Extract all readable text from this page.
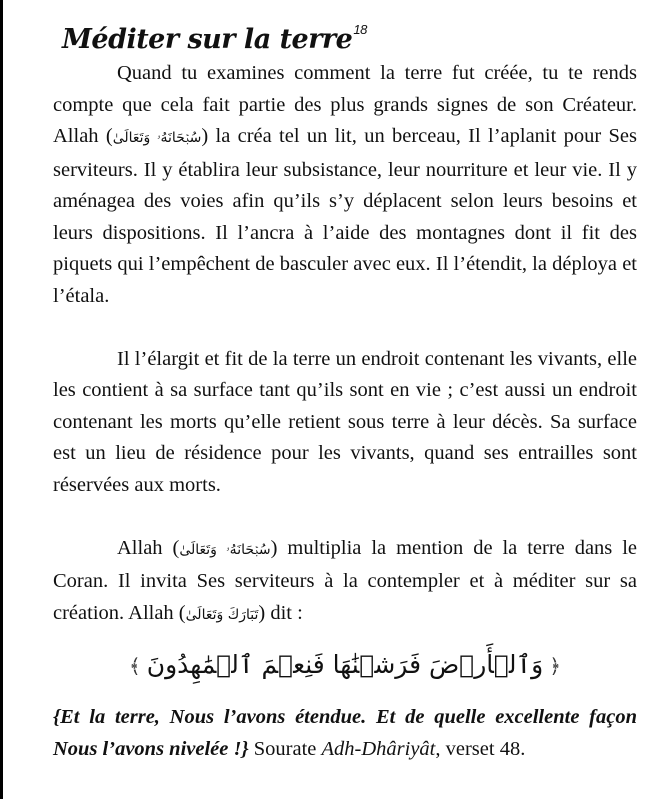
Méditer sur la terre$^{18}$

Quand tu examines comment la terre fut créée, tu te rends compte que cela fait partie des plus grands signes de son Créateur. Allah (سُبۡحَانَهُۥ وَتَعَالَىٰ) la créa tel un lit, un berceau, Il l’aplanit pour Ses serviteurs. Il y établira leur subsistance, leur nourriture et leur vie. Il y aménagea des voies afin qu’ils s’y déplacent selon leurs besoins et leurs dispositions. Il l’ancra à l’aide des montagnes dont il fit des piquets qui l’empêchent de basculer avec eux. Il l’étendit, la déploya et l’étala.

Il l’élargit et fit de la terre un endroit contenant les vivants, elle les contient à sa surface tant qu’ils sont en vie ; c’est aussi un endroit contenant les morts qu’elle retient sous terre à leur décès. Sa surface est un lieu de résidence pour les vivants, quand ses entrailles sont réservées aux morts.

Allah (سُبۡحَانَهُۥ وَتَعَالَىٰ) multiplia la mention de la terre dans le Coran. Il invita Ses serviteurs à la contempler et à méditer sur sa création. Allah (تَبَارَكَ وَتَعَالَىٰ) dit :

﴿وَٱلۡأَرۡضَ فَرَشۡنَٰهَا فَنِعۡمَ ٱلۡمَٰهِدُونَ﴾

{Et la terre, Nous l’avons étendue. Et de quelle excellente façon Nous l’avons nivelée !} Sourate Adh-Dhâriyât, verset 48.
